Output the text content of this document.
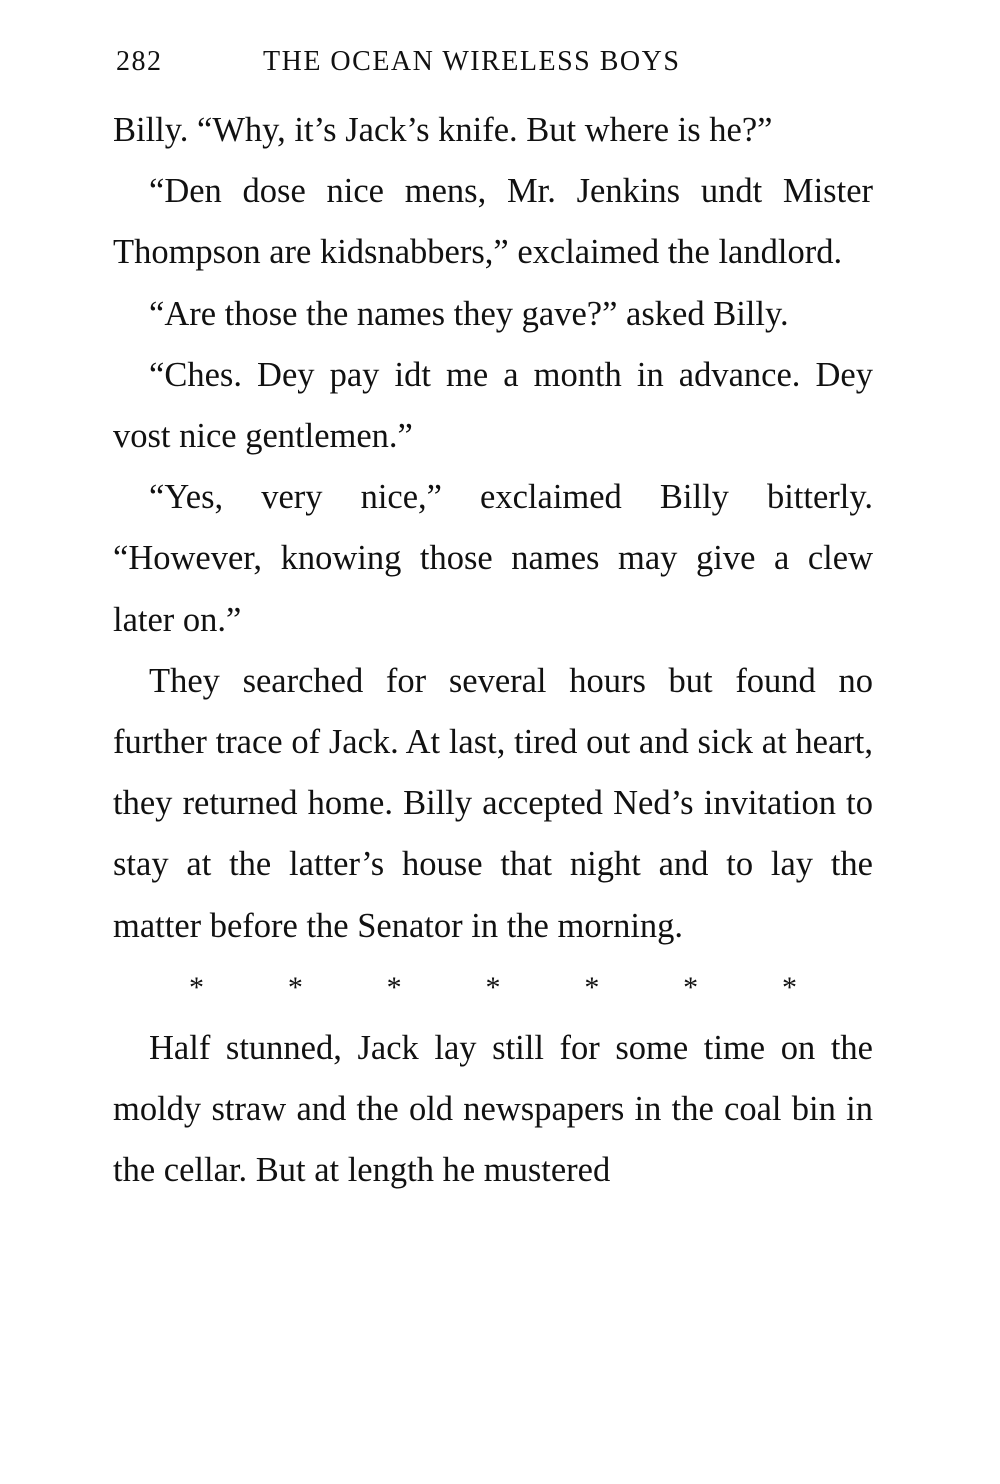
282	THE OCEAN WIRELESS BOYS

Billy. “Why, it’s Jack’s knife. But where is he?”

“Den dose nice mens, Mr. Jenkins undt Mister Thompson are kidsnabbers,” exclaimed the landlord.

“Are those the names they gave?” asked Billy.

“Ches. Dey pay idt me a month in advance. Dey vost nice gentlemen.”

“Yes, very nice,” exclaimed Billy bitterly. “However, knowing those names may give a clew later on.”

They searched for several hours but found no further trace of Jack. At last, tired out and sick at heart, they returned home. Billy accepted Ned’s invitation to stay at the latter’s house that night and to lay the matter before the Senator in the morning.

*	*	*	*	*	*	*

Half stunned, Jack lay still for some time on the moldy straw and the old newspapers in the coal bin in the cellar. But at length he mustered
